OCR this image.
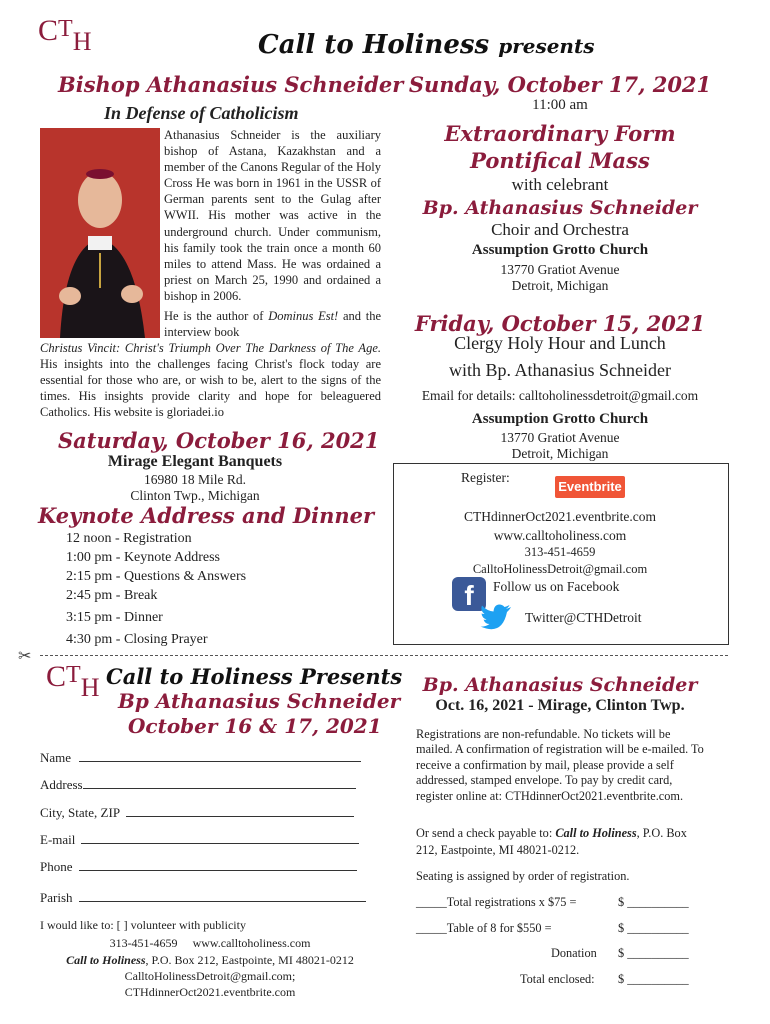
CTH	Call to Holiness presents
Bishop Athanasius Schneider
In Defense of Catholicism
Athanasius Schneider is the auxiliary bishop of Astana, Kazakhstan and a member of the Canons Regular of the Holy Cross He was born in 1961 in the USSR of German parents sent to the Gulag after WWII. His mother was active in the underground church. Under communism, his family took the train once a month 60 miles to attend Mass. He was ordained a priest on March 25, 1990 and ordained a bishop in 2006.
He is the author of Dominus Est! and the interview book
Christus Vincit: Christ's Triumph Over The Darkness of The Age. His insights into the challenges facing Christ's flock today are essential for those who are, or wish to be, alert to the signs of the times. His insights provide clarity and hope for beleaguered Catholics. His website is gloriadei.io
Saturday, October 16, 2021
Mirage Elegant Banquets
16980 18 Mile Rd.
Clinton Twp., Michigan
Keynote Address and Dinner
12 noon - Registration
1:00 pm - Keynote Address
2:15 pm - Questions & Answers
2:45 pm - Break
3:15 pm - Dinner
4:30 pm - Closing Prayer
Sunday, October 17, 2021
11:00 am
Extraordinary Form Pontifical Mass
with celebrant
Bp. Athanasius Schneider
Choir and Orchestra
Assumption Grotto Church
13770 Gratiot Avenue
Detroit, Michigan
Friday, October 15, 2021
Clergy Holy Hour and Lunch
with Bp. Athanasius Schneider
Email for details: calltoholinessdetroit@gmail.com
Assumption Grotto Church
13770 Gratiot Avenue
Detroit, Michigan
Register:
Eventbrite
CTHdinnerOct2021.eventbrite.com
www.calltoholiness.com
313-451-4659
CalltoHolinessDetroit@gmail.com
f	Follow us on Facebook
Twitter@CTHDetroit
✂
CTH Call to Holiness Presents
Bp Athanasius Schneider
October 16 & 17, 2021
Name
Address
City, State, ZIP
E-mail
Phone
Parish
I would like to: [ ] volunteer with publicity
313-451-4659 www.calltoholiness.com
Call to Holiness, P.O. Box 212, Eastpointe, MI 48021-0212
CalltoHolinessDetroit@gmail.com;
CTHdinnerOct2021.eventbrite.com
Bp. Athanasius Schneider
Oct. 16, 2021 - Mirage, Clinton Twp.
Registrations are non-refundable. No tickets will be mailed. A confirmation of registration will be e-mailed. To receive a confirmation by mail, please provide a self addressed, stamped envelope. To pay by credit card, register online at: CTHdinnerOct2021.eventbrite.com.
Or send a check payable to: Call to Holiness, P.O. Box 212, Eastpointe, MI 48021-0212.
Seating is assigned by order of registration.
_____Total registrations x $75 =	$ __________
_____Table of 8 for $550 =	$ __________
Donation $ __________
Total enclosed: $ __________
